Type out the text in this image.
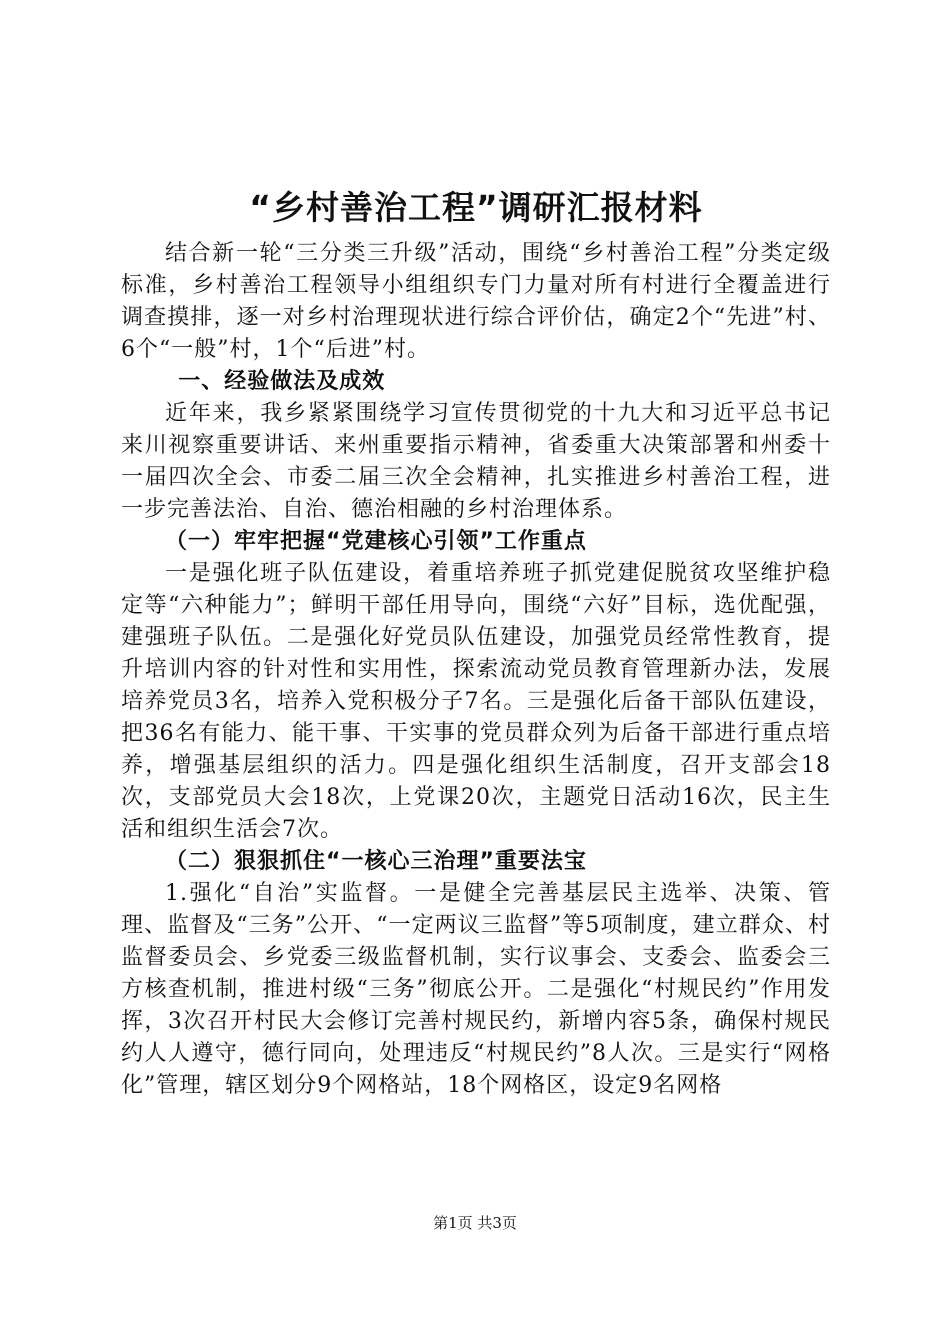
“乡村善治工程”调研汇报材料

结合新一轮“三分类三升级”活动，围绕“乡村善治工程”分类定级标准，乡村善治工程领导小组组织专门力量对所有村进行全覆盖进行调查摸排，逐一对乡村治理现状进行综合评价估，确定2个“先进”村、6个“一般”村，1个“后进”村。

一、经验做法及成效

近年来，我乡紧紧围绕学习宣传贯彻党的十九大和习近平总书记来川视察重要讲话、来州重要指示精神，省委重大决策部署和州委十一届四次全会、市委二届三次全会精神，扎实推进乡村善治工程，进一步完善法治、自治、德治相融的乡村治理体系。

（一）牢牢把握“党建核心引领”工作重点

一是强化班子队伍建设，着重培养班子抓党建促脱贫攻坚维护稳定等“六种能力”；鲜明干部任用导向，围绕“六好”目标，选优配强，建强班子队伍。二是强化好党员队伍建设，加强党员经常性教育，提升培训内容的针对性和实用性，探索流动党员教育管理新办法，发展培养党员3名，培养入党积极分子7名。三是强化后备干部队伍建设，把36名有能力、能干事、干实事的党员群众列为后备干部进行重点培养，增强基层组织的活力。四是强化组织生活制度，召开支部会18次，支部党员大会18次，上党课20次，主题党日活动16次，民主生活和组织生活会7次。

（二）狠狠抓住“一核心三治理”重要法宝

1.强化“自治”实监督。一是健全完善基层民主选举、决策、管理、监督及“三务”公开、“一定两议三监督”等5项制度，建立群众、村监督委员会、乡党委三级监督机制，实行议事会、支委会、监委会三方核查机制，推进村级“三务”彻底公开。二是强化“村规民约”作用发挥，3次召开村民大会修订完善村规民约，新增内容5条，确保村规民约人人遵守，德行同向，处理违反“村规民约”8人次。三是实行“网格化”管理，辖区划分9个网格站，18个网格区，设定9名网格

第1页 共3页
